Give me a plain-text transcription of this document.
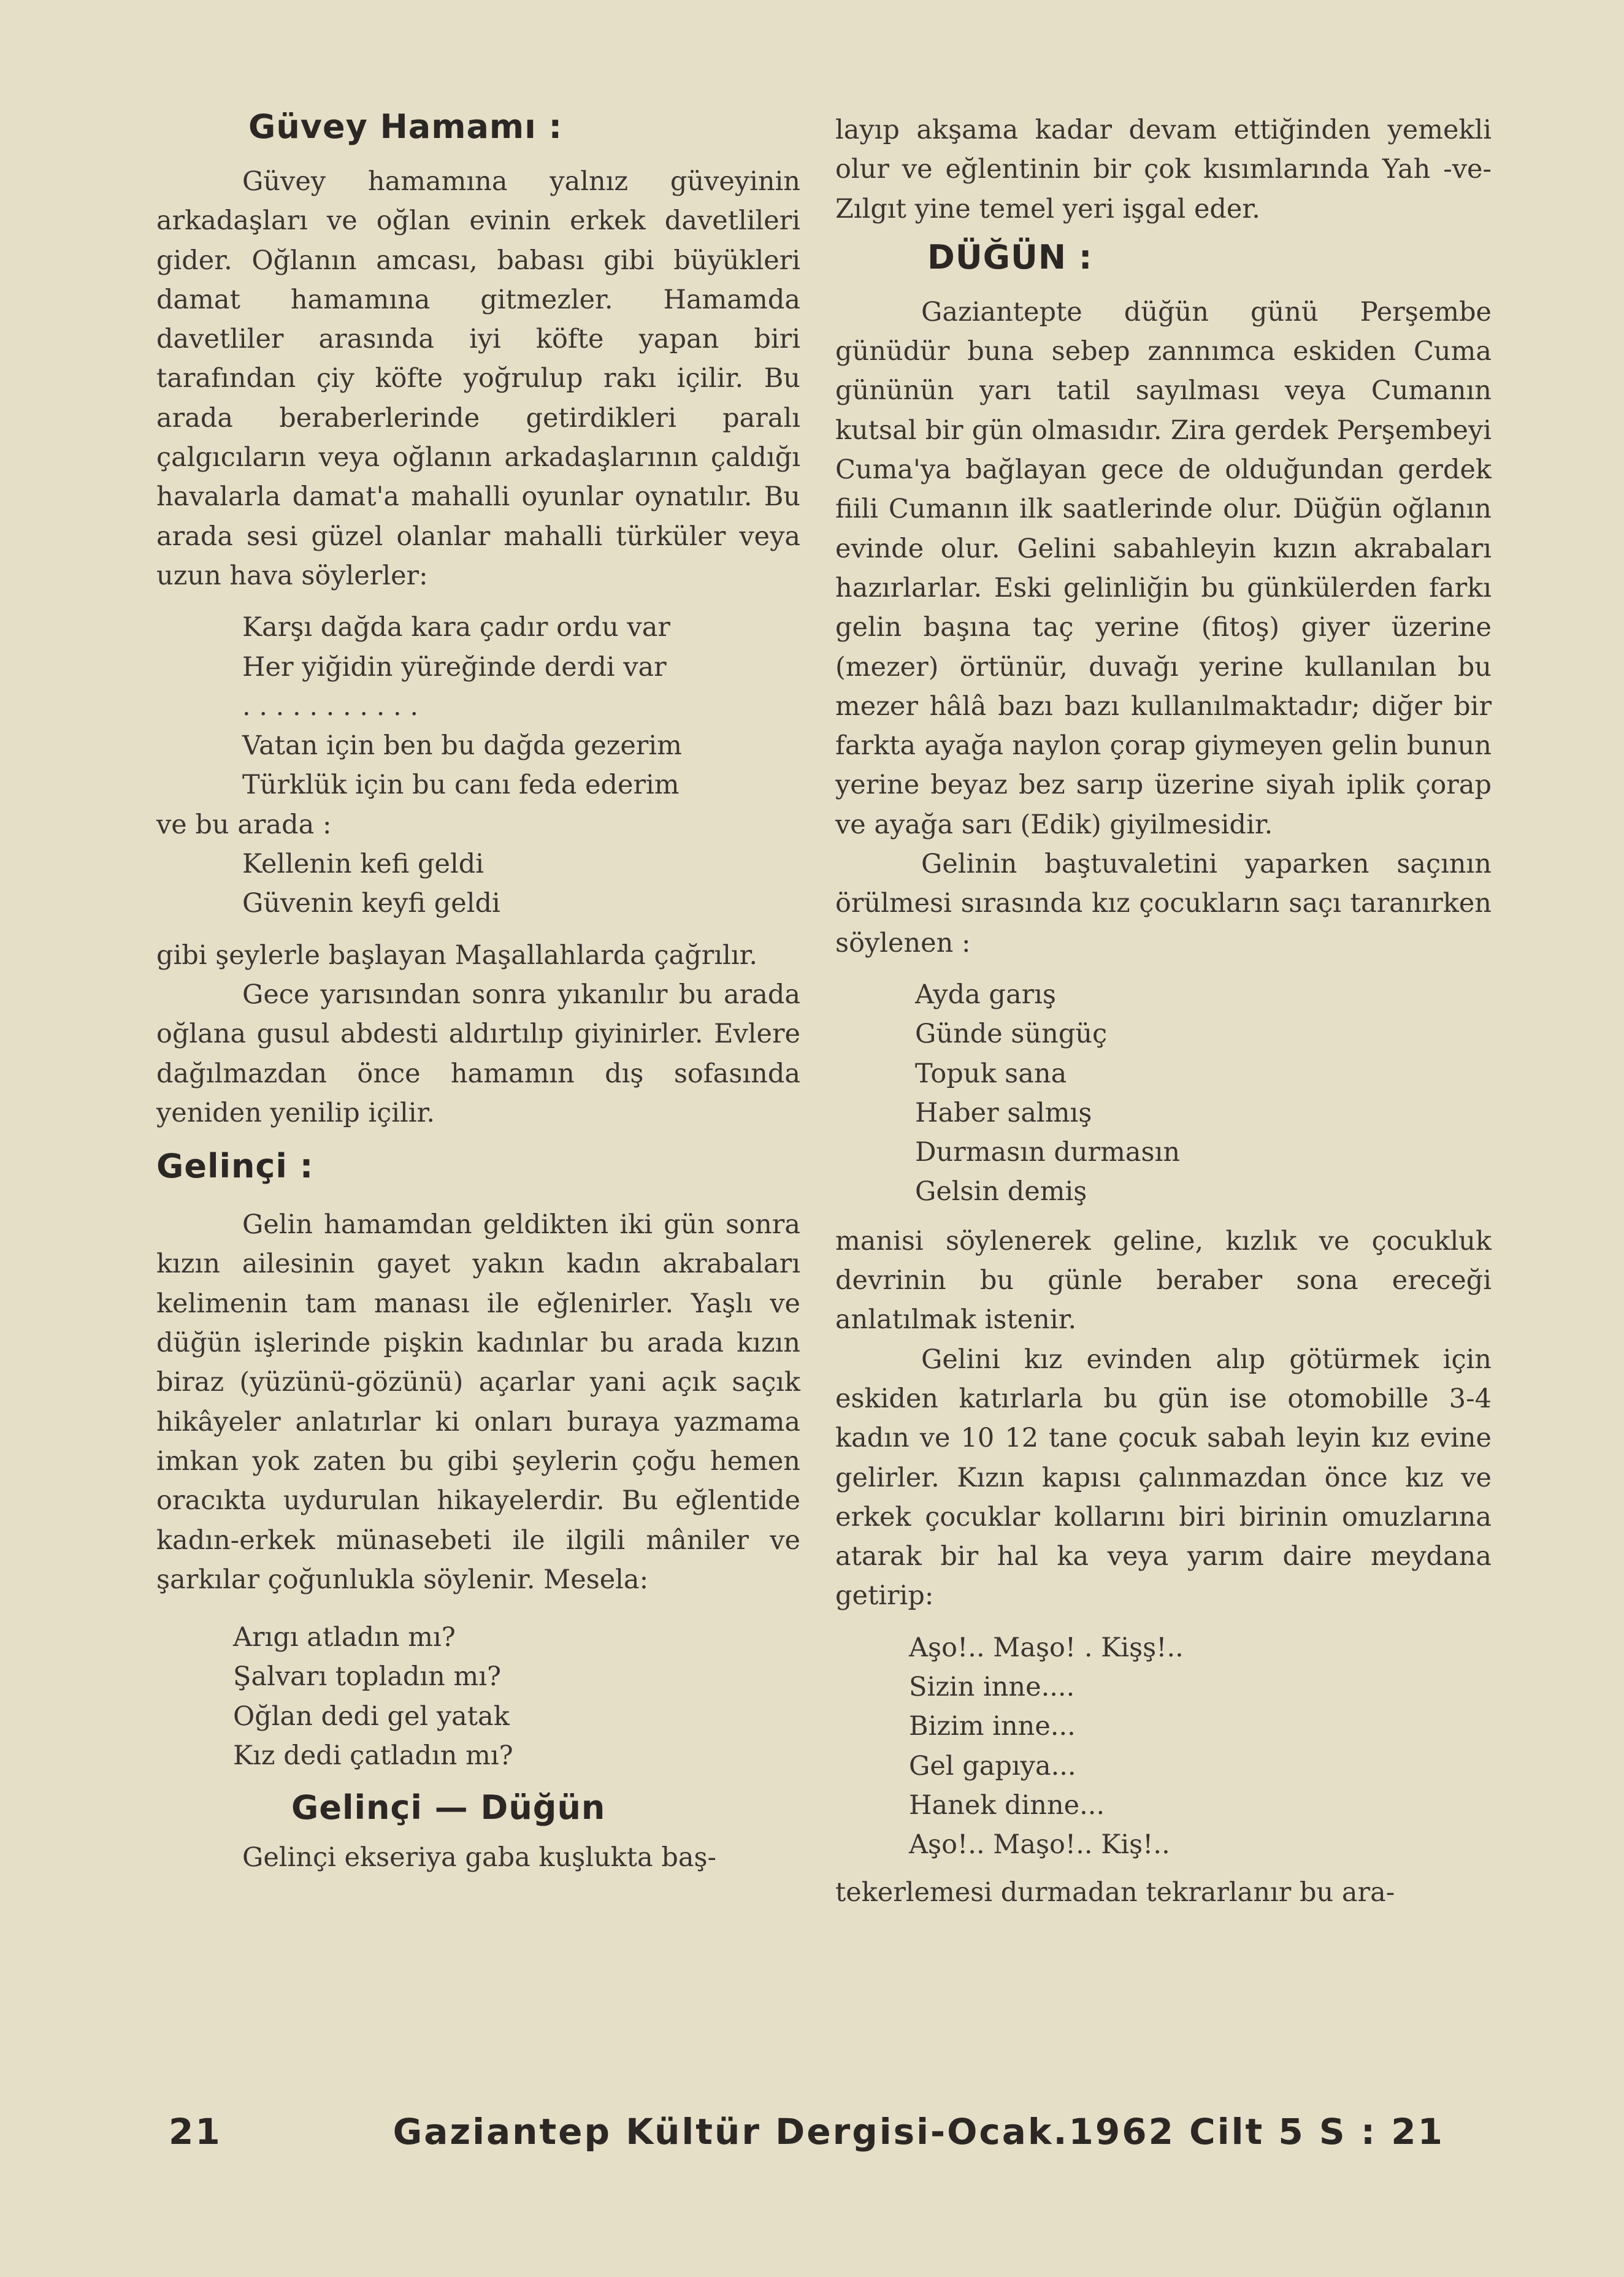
Güvey Hamamı :

Güvey hamamına yalnız güveyinin arkadaşları ve oğlan evinin erkek davetlileri gider. Oğlanın amcası, babası gibi büyükleri damat hamamına gitmezler. Hamamda davetliler arasında iyi köfte yapan biri tarafından çiy köfte yoğrulup rakı içilir. Bu arada beraberlerinde getirdikleri paralı çalgıcıların veya oğlanın arkadaşlarının çaldığı havalarla damat'a mahalli oyunlar oynatılır. Bu arada sesi güzel olanlar mahalli türküler veya uzun hava söylerler:

Karşı dağda kara çadır ordu var
Her yiğidin yüreğinde derdi var
. . . . . . . . . . .
Vatan için ben bu dağda gezerim
Türklük için bu canı feda ederim

ve bu arada :

Kellenin kefi geldi
Güvenin keyfi geldi

gibi şeylerle başlayan Maşallahlarda çağrılır.

Gece yarısından sonra yıkanılır bu arada oğlana gusul abdesti aldırtılıp giyinirler. Evlere dağılmazdan önce hamamın dış sofasında yeniden yenilip içilir.

Gelinçi :

Gelin hamamdan geldikten iki gün sonra kızın ailesinin gayet yakın kadın akrabaları kelimenin tam manası ile eğlenirler. Yaşlı ve düğün işlerinde pişkin kadınlar bu arada kızın biraz (yüzünü-gözünü) açarlar yani açık saçık hikâyeler anlatırlar ki onları buraya yazmama imkan yok zaten bu gibi şeylerin çoğu hemen oracıkta uydurulan hikayelerdir. Bu eğlentide kadın-erkek münasebeti ile ilgili mâniler ve şarkılar çoğunlukla söylenir. Mesela:

Arıgı atladın mı?
Şalvarı topladın mı?
Oğlan dedi gel yatak
Kız dedi çatladın mı?
Gelinçi — Düğün

Gelinçi ekseriya gaba kuşlukta baş-

layıp akşama kadar devam ettiğinden yemekli olur ve eğlentinin bir çok kısımlarında Yah -ve- Zılgıt yine temel yeri işgal eder.

DÜĞÜN :

Gaziantepte düğün günü Perşembe günüdür buna sebep zannımca eskiden Cuma gününün yarı tatil sayılması veya Cumanın kutsal bir gün olmasıdır. Zira gerdek Perşembeyi Cuma'ya bağlayan gece de olduğundan gerdek fiili Cumanın ilk saatlerinde olur. Düğün oğlanın evinde olur. Gelini sabahleyin kızın akrabaları hazırlarlar. Eski gelinliğin bu günkülerden farkı gelin başına taç yerine (fitoş) giyer üzerine (mezer) örtünür, duvağı yerine kullanılan bu mezer hâlâ bazı bazı kullanılmaktadır; diğer bir farkta ayağa naylon çorap giymeyen gelin bunun yerine beyaz bez sarıp üzerine siyah iplik çorap ve ayağa sarı (Edik) giyilmesidir.

Gelinin baştuvaletini yaparken saçının örülmesi sırasında kız çocukların saçı taranırken söylenen :

Ayda garış
Günde süngüç
Topuk sana
Haber salmış
Durmasın durmasın
Gelsin demiş

manisi söylenerek geline, kızlık ve çocukluk devrinin bu günle beraber sona ereceği anlatılmak istenir.

Gelini kız evinden alıp götürmek için eskiden katırlarla bu gün ise otomobille 3-4 kadın ve 10 12 tane çocuk sabah leyin kız evine gelirler. Kızın kapısı çalınmazdan önce kız ve erkek çocuklar kollarını biri birinin omuzlarına atarak bir hal ka veya yarım daire meydana getirip:

Aşo!.. Maşo! . Kişş!..
Sizin inne....
Bizim inne...
Gel gapıya...
Hanek dinne...
Aşo!.. Maşo!.. Kiş!..

tekerlemesi durmadan tekrarlanır bu ara-

21	Gaziantep Kültür Dergisi-Ocak.1962 Cilt 5 S : 21
